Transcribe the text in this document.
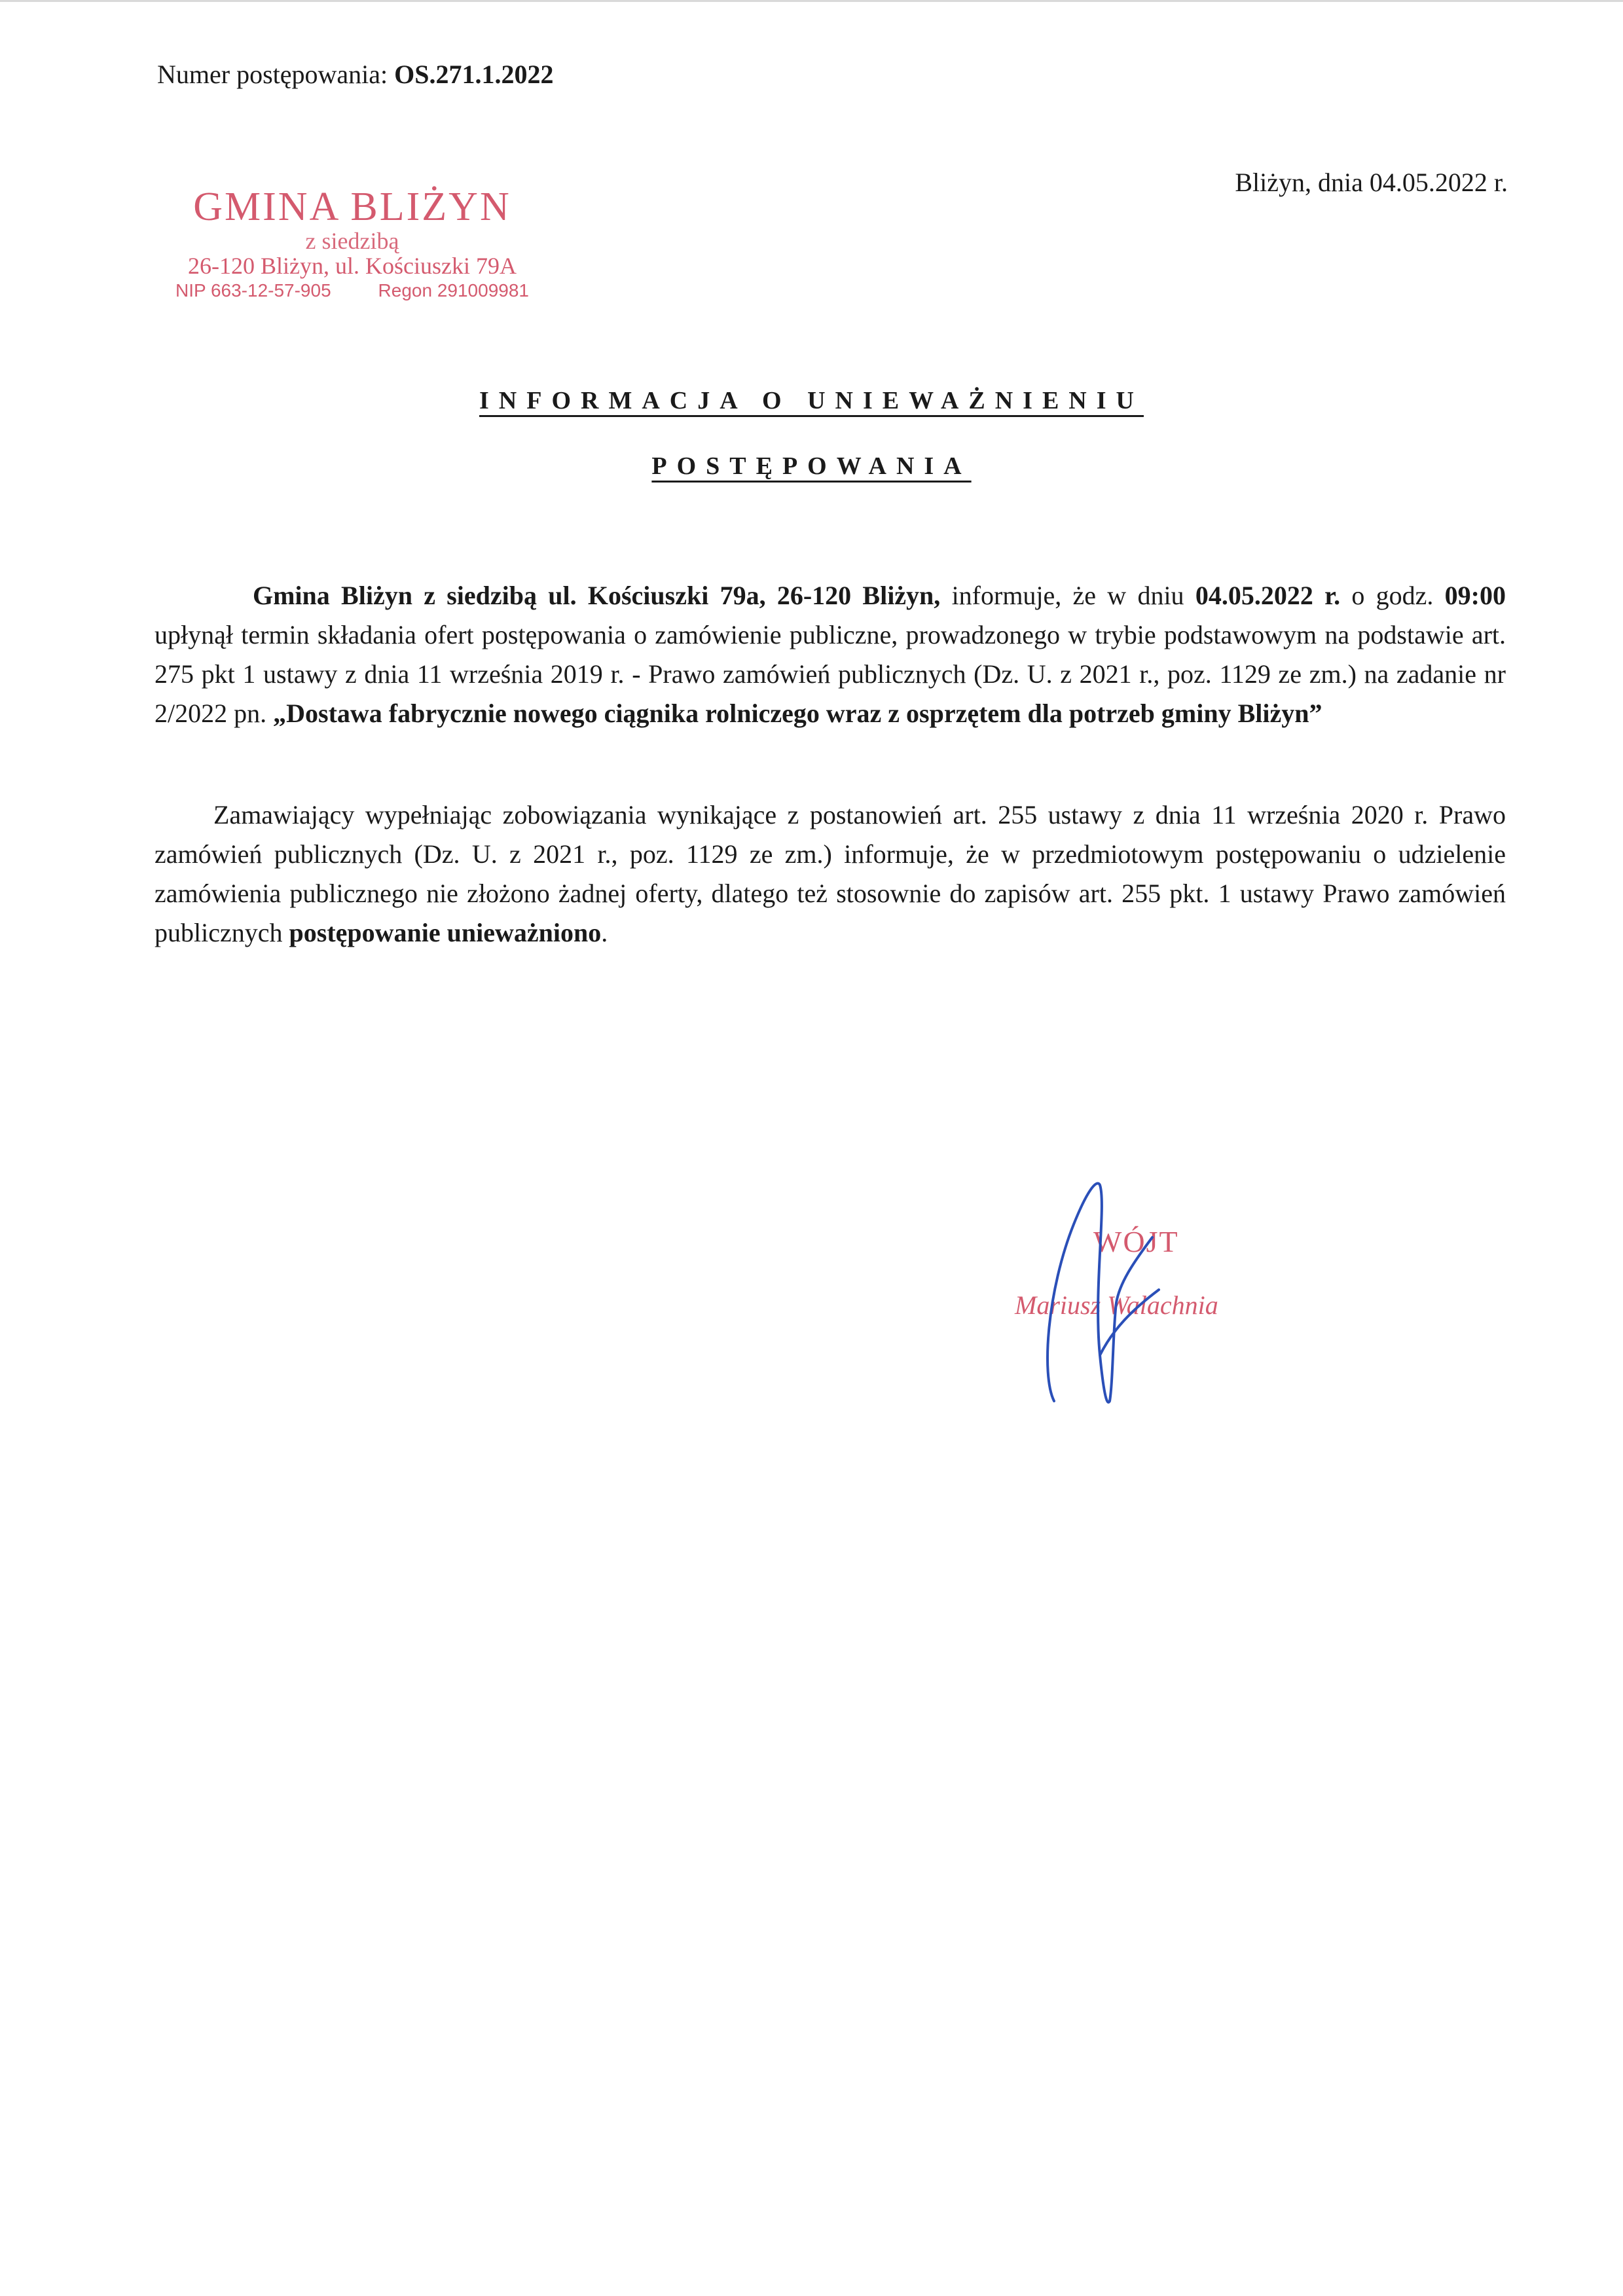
Numer postępowania: OS.271.1.2022
Bliżyn, dnia 04.05.2022 r.
GMINA BLIŻYN
z siedzibą
26-120 Bliżyn, ul. Kościuszki 79A
NIP 663-12-57-905	Regon 291009981
INFORMACJA O UNIEWAŻNIENIU
POSTĘPOWANIA
Gmina Bliżyn z siedzibą ul. Kościuszki 79a, 26-120 Bliżyn, informuje, że w dniu 04.05.2022 r. o godz. 09:00 upłynął termin składania ofert postępowania o zamówienie publiczne, prowadzonego w trybie podstawowym na podstawie art. 275 pkt 1 ustawy z dnia 11 września 2019 r. - Prawo zamówień publicznych (Dz. U. z 2021 r., poz. 1129 ze zm.) na zadanie nr 2/2022 pn. „Dostawa fabrycznie nowego ciągnika rolniczego wraz z osprzętem dla potrzeb gminy Bliżyn”
Zamawiający wypełniając zobowiązania wynikające z postanowień art. 255 ustawy z dnia 11 września 2020 r. Prawo zamówień publicznych (Dz. U. z 2021 r., poz. 1129 ze zm.) informuje, że w przedmiotowym postępowaniu o udzielenie zamówienia publicznego nie złożono żadnej oferty, dlatego też stosownie do zapisów art. 255 pkt. 1 ustawy Prawo zamówień publicznych postępowanie unieważniono.
WÓJT
Mariusz Walachnia
